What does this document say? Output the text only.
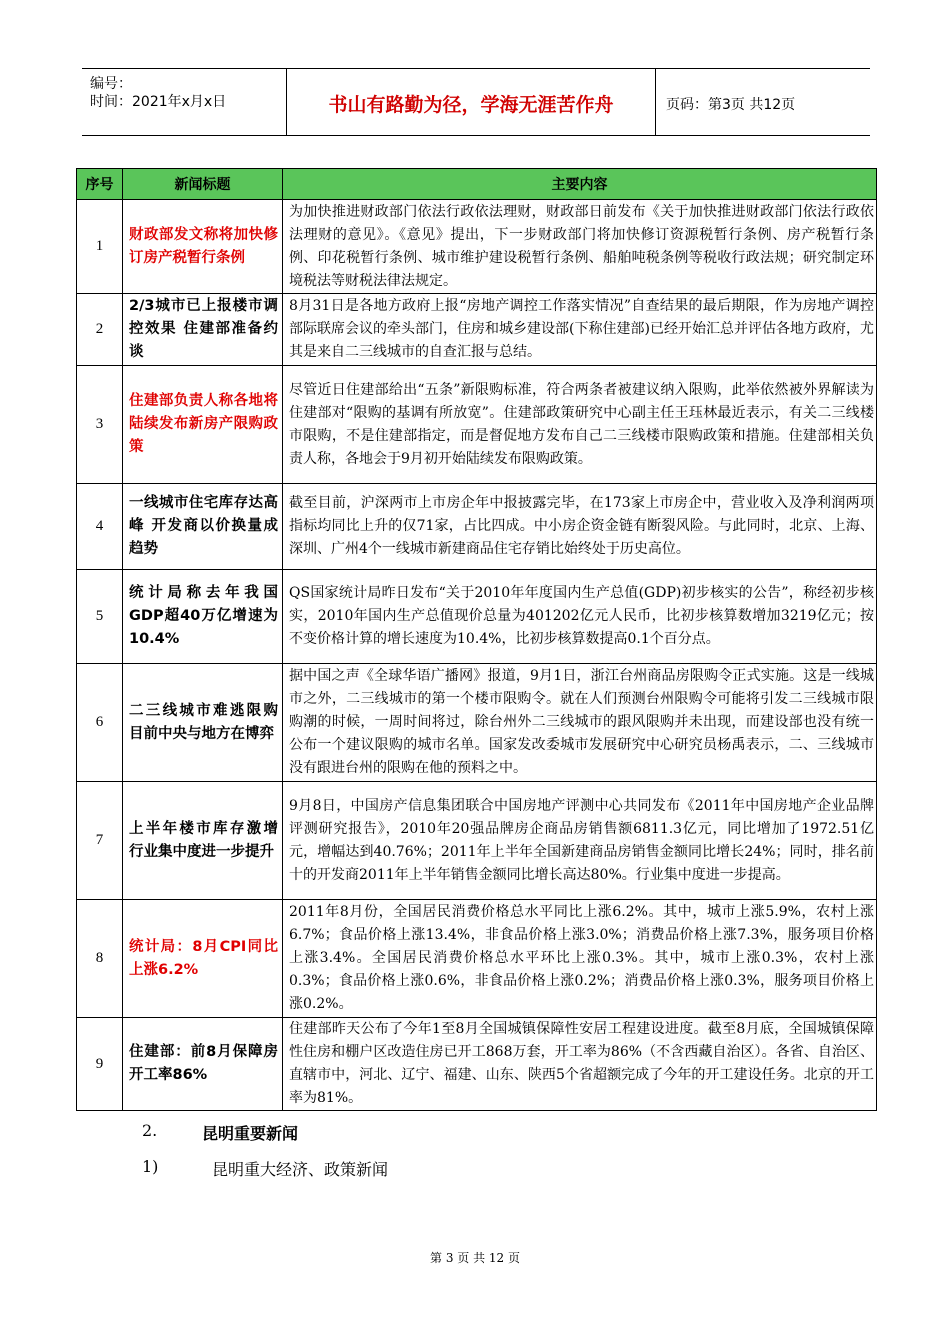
编号：
时间：2021年x月x日	书山有路勤为径，学海无涯苦作舟	页码：第3页 共12页
序号	新闻标题	主要内容
1	财政部发文称将加快修订房产税暂行条例	为加快推进财政部门依法行政依法理财，财政部日前发布《关于加快推进财政部门依法行政依法理财的意见》。《意见》提出，下一步财政部门将加快修订资源税暂行条例、房产税暂行条例、印花税暂行条例、城市维护建设税暂行条例、船舶吨税条例等税收行政法规；研究制定环境税法等财税法律法规定。
2	2/3城市已上报楼市调控效果 住建部准备约谈	8月31日是各地方政府上报“房地产调控工作落实情况”自查结果的最后期限，作为房地产调控部际联席会议的牵头部门，住房和城乡建设部(下称住建部)已经开始汇总并评估各地方政府，尤其是来自二三线城市的自查汇报与总结。
3	住建部负责人称各地将陆续发布新房产限购政策	尽管近日住建部给出“五条”新限购标准，符合两条者被建议纳入限购，此举依然被外界解读为住建部对“限购的基调有所放宽”。住建部政策研究中心副主任王珏林最近表示，有关二三线楼市限购，不是住建部指定，而是督促地方发布自己二三线楼市限购政策和措施。住建部相关负责人称，各地会于9月初开始陆续发布限购政策。
4	一线城市住宅库存达高峰 开发商以价换量成趋势	截至目前，沪深两市上市房企年中报披露完毕，在173家上市房企中，营业收入及净利润两项指标均同比上升的仅71家，占比四成。中小房企资金链有断裂风险。与此同时，北京、上海、深圳、广州4个一线城市新建商品住宅存销比始终处于历史高位。
5	统计局称去年我国GDP超40万亿增速为10.4%	QS国家统计局昨日发布“关于2010年年度国内生产总值(GDP)初步核实的公告”，称经初步核实，2010年国内生产总值现价总量为401202亿元人民币，比初步核算数增加3219亿元；按不变价格计算的增长速度为10.4%，比初步核算数提高0.1个百分点。
6	二三线城市难逃限购 目前中央与地方在博弈	据中国之声《全球华语广播网》报道，9月1日，浙江台州商品房限购令正式实施。这是一线城市之外，二三线城市的第一个楼市限购令。就在人们预测台州限购令可能将引发二三线城市限购潮的时候，一周时间将过，除台州外二三线城市的跟风限购并未出现，而建设部也没有统一公布一个建议限购的城市名单。国家发改委城市发展研究中心研究员杨禹表示，二、三线城市没有跟进台州的限购在他的预料之中。
7	上半年楼市库存激增 行业集中度进一步提升	9月8日，中国房产信息集团联合中国房地产评测中心共同发布《2011年中国房地产企业品牌评测研究报告》，2010年20强品牌房企商品房销售额6811.3亿元，同比增加了1972.51亿元，增幅达到40.76%；2011年上半年全国新建商品房销售金额同比增长24%；同时，排名前十的开发商2011年上半年销售金额同比增长高达80%。行业集中度进一步提高。
8	统计局：8月CPI同比上涨6.2%	2011年8月份，全国居民消费价格总水平同比上涨6.2%。其中，城市上涨5.9%，农村上涨6.7%；食品价格上涨13.4%，非食品价格上涨3.0%；消费品价格上涨7.3%，服务项目价格上涨3.4%。全国居民消费价格总水平环比上涨0.3%。其中，城市上涨0.3%，农村上涨0.3%；食品价格上涨0.6%，非食品价格上涨0.2%；消费品价格上涨0.3%，服务项目价格上涨0.2%。
9	住建部：前8月保障房开工率86%	住建部昨天公布了今年1至8月全国城镇保障性安居工程建设进度。截至8月底，全国城镇保障性住房和棚户区改造住房已开工868万套，开工率为86%（不含西藏自治区）。各省、自治区、直辖市中，河北、辽宁、福建、山东、陕西5个省超额完成了今年的开工建设任务。北京的开工率为81%。
2.	昆明重要新闻
1)	昆明重大经济、政策新闻
第 3 页 共 12 页
